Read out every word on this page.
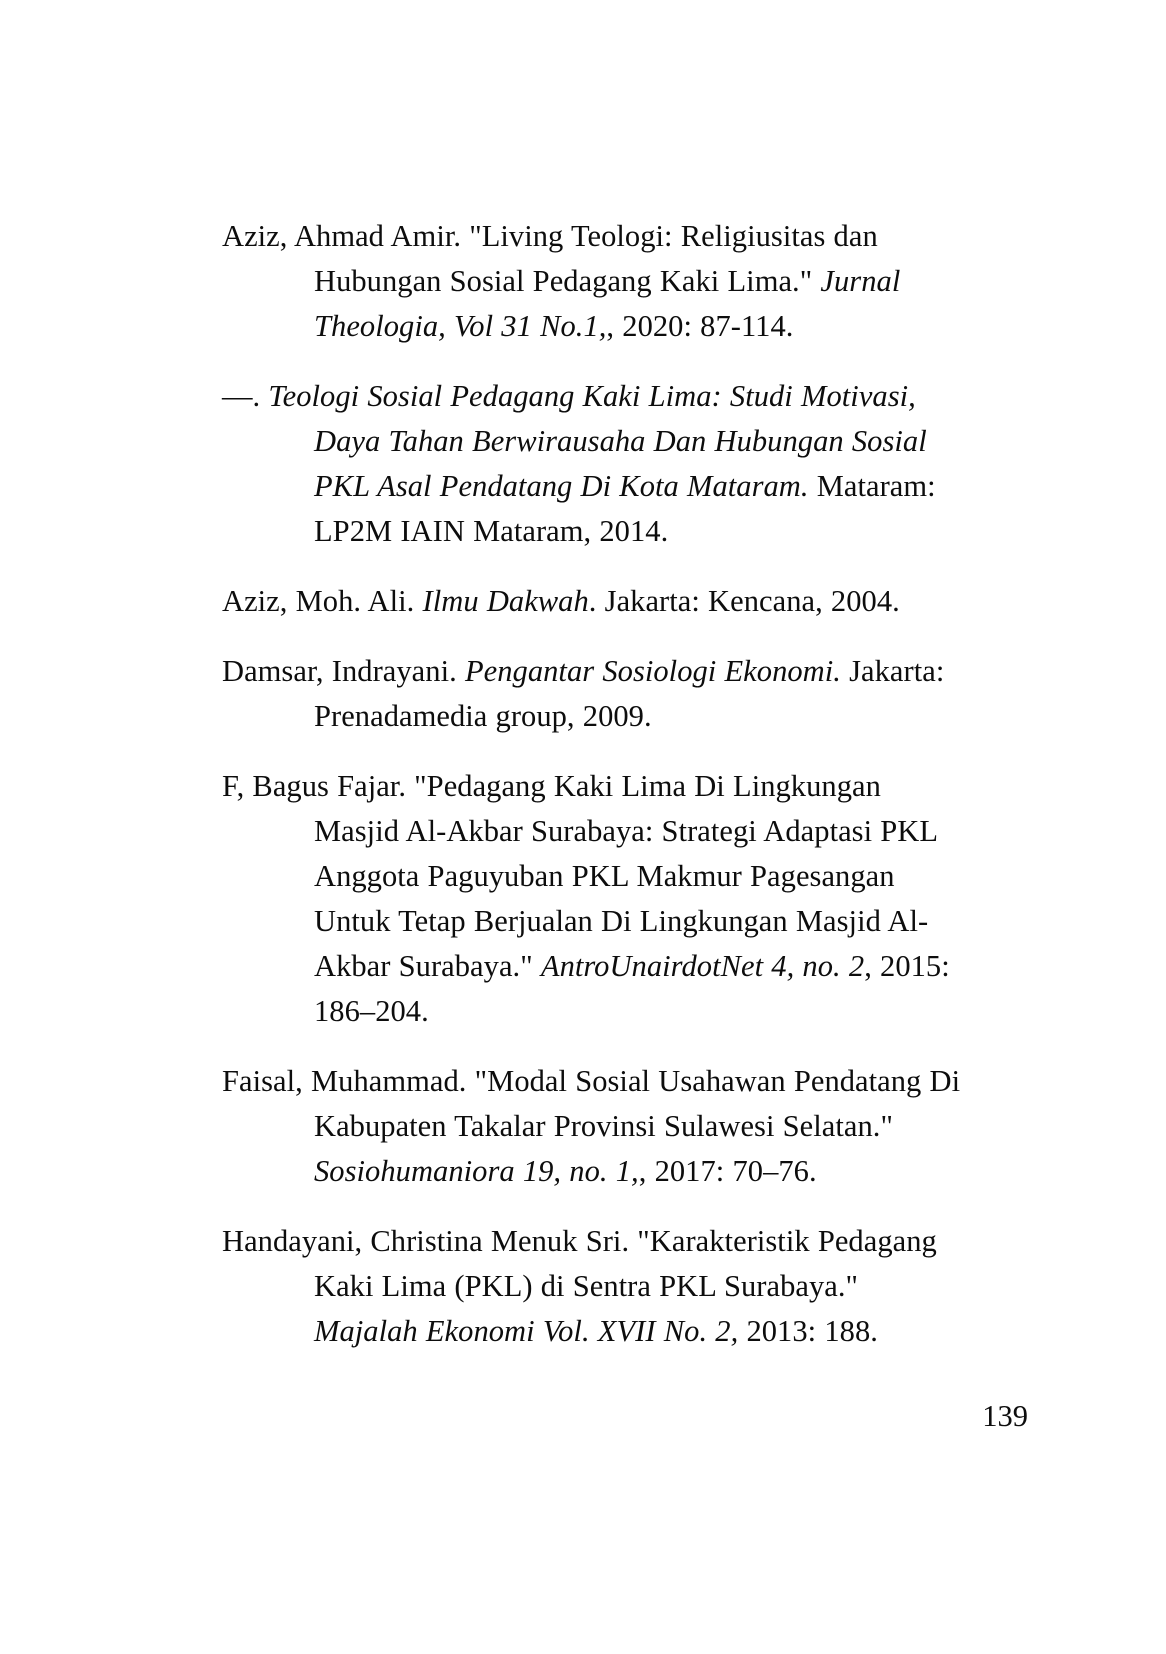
Aziz, Ahmad Amir. "Living Teologi: Religiusitas dan Hubungan Sosial Pedagang Kaki Lima." Jurnal Theologia, Vol 31 No.1,, 2020: 87-114.

—. Teologi Sosial Pedagang Kaki Lima: Studi Motivasi, Daya Tahan Berwirausaha Dan Hubungan Sosial PKL Asal Pendatang Di Kota Mataram. Mataram: LP2M IAIN Mataram, 2014.

Aziz, Moh. Ali. Ilmu Dakwah. Jakarta: Kencana, 2004.

Damsar, Indrayani. Pengantar Sosiologi Ekonomi. Jakarta: Prenadamedia group, 2009.

F, Bagus Fajar. "Pedagang Kaki Lima Di Lingkungan Masjid Al-Akbar Surabaya: Strategi Adaptasi PKL Anggota Paguyuban PKL Makmur Pagesangan Untuk Tetap Berjualan Di Lingkungan Masjid Al-Akbar Surabaya." AntroUnairdotNet 4, no. 2, 2015: 186–204.

Faisal, Muhammad. "Modal Sosial Usahawan Pendatang Di Kabupaten Takalar Provinsi Sulawesi Selatan." Sosiohumaniora 19, no. 1,, 2017: 70–76.

Handayani, Christina Menuk Sri. "Karakteristik Pedagang Kaki Lima (PKL) di Sentra PKL Surabaya." Majalah Ekonomi Vol. XVII No. 2, 2013: 188.

139
